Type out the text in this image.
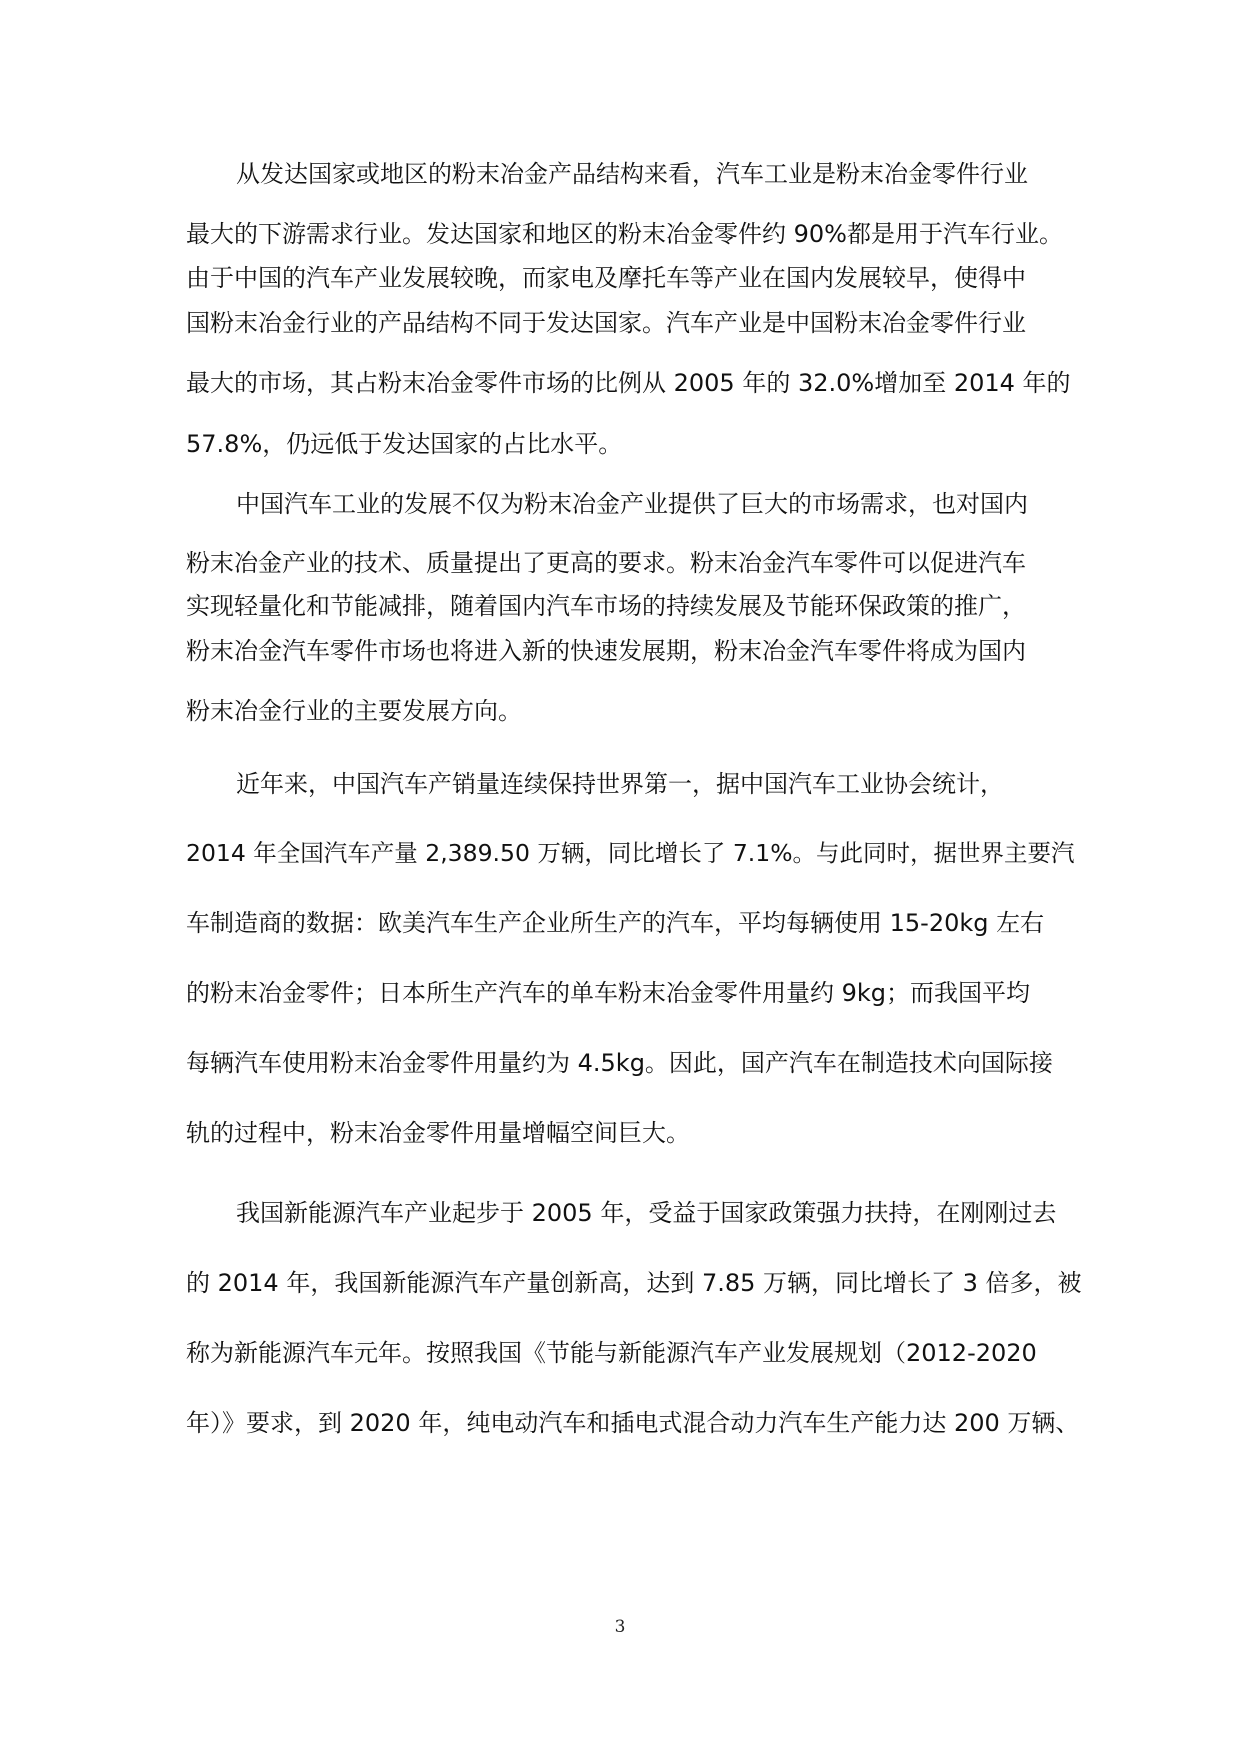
从发达国家或地区的粉末冶金产品结构来看，汽车工业是粉末冶金零件行业
最大的下游需求行业。发达国家和地区的粉末冶金零件约 90%都是用于汽车行业。
由于中国的汽车产业发展较晚，而家电及摩托车等产业在国内发展较早，使得中
国粉末冶金行业的产品结构不同于发达国家。汽车产业是中国粉末冶金零件行业
最大的市场，其占粉末冶金零件市场的比例从 2005 年的 32.0%增加至 2014 年的
57.8%，仍远低于发达国家的占比水平。
中国汽车工业的发展不仅为粉末冶金产业提供了巨大的市场需求，也对国内
粉末冶金产业的技术、质量提出了更高的要求。粉末冶金汽车零件可以促进汽车
实现轻量化和节能减排，随着国内汽车市场的持续发展及节能环保政策的推广，
粉末冶金汽车零件市场也将进入新的快速发展期，粉末冶金汽车零件将成为国内
粉末冶金行业的主要发展方向。
近年来，中国汽车产销量连续保持世界第一，据中国汽车工业协会统计，
2014 年全国汽车产量 2,389.50 万辆，同比增长了 7.1%。与此同时，据世界主要汽
车制造商的数据：欧美汽车生产企业所生产的汽车，平均每辆使用 15-20kg 左右
的粉末冶金零件；日本所生产汽车的单车粉末冶金零件用量约 9kg；而我国平均
每辆汽车使用粉末冶金零件用量约为 4.5kg。因此，国产汽车在制造技术向国际接
轨的过程中，粉末冶金零件用量增幅空间巨大。
我国新能源汽车产业起步于 2005 年，受益于国家政策强力扶持，在刚刚过去
的 2014 年，我国新能源汽车产量创新高，达到 7.85 万辆，同比增长了 3 倍多，被
称为新能源汽车元年。按照我国《节能与新能源汽车产业发展规划（2012-2020
年）》要求，到 2020 年，纯电动汽车和插电式混合动力汽车生产能力达 200 万辆、
3
